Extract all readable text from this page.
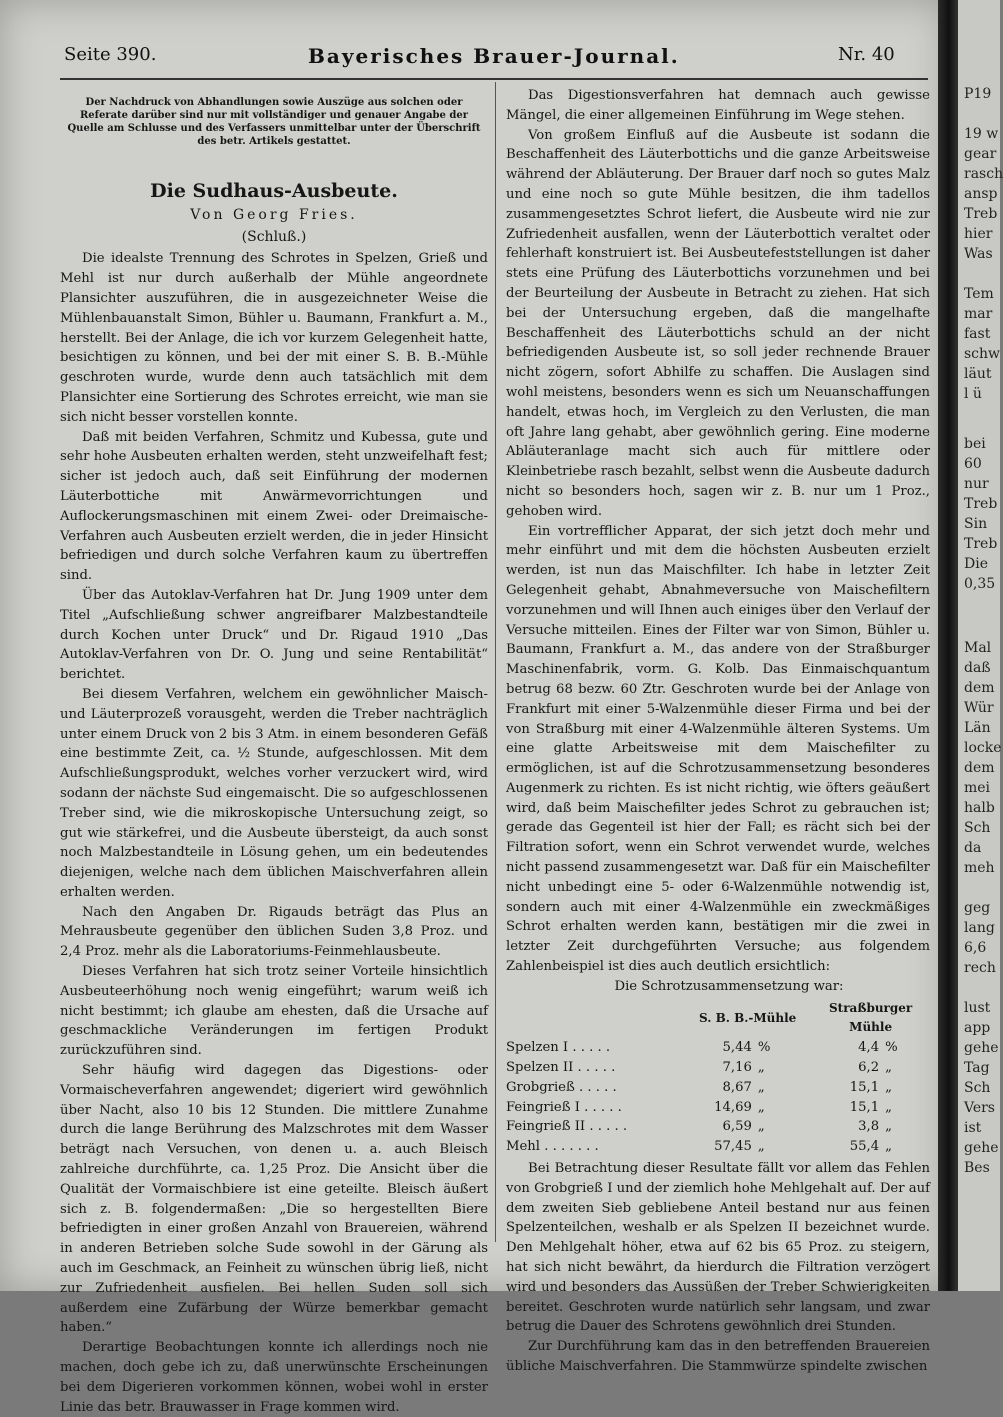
Seite 390.	Bayerisches Brauer-Journal.	Nr. 40
Der Nachdruck von Abhandlungen sowie Auszüge aus solchen oder Referate darüber sind nur mit vollständiger und genauer Angabe der Quelle am Schlusse und des Verfassers unmittelbar unter der Überschrift des betr. Artikels gestattet.
Die Sudhaus-Ausbeute.
Von Georg Fries.
(Schluß.)

Die idealste Trennung des Schrotes in Spelzen, Grieß und Mehl ist nur durch außerhalb der Mühle angeordnete Plansichter auszuführen, die in ausgezeichneter Weise die Mühlenbauanstalt Simon, Bühler u. Baumann, Frankfurt a. M., herstellt. Bei der Anlage, die ich vor kurzem Gelegenheit hatte, besichtigen zu können, und bei der mit einer S. B. B.-Mühle geschroten wurde, wurde denn auch tatsächlich mit dem Plansichter eine Sortierung des Schrotes erreicht, wie man sie sich nicht besser vorstellen konnte.

Daß mit beiden Verfahren, Schmitz und Kubessa, gute und sehr hohe Ausbeuten erhalten werden, steht unzweifelhaft fest; sicher ist jedoch auch, daß seit Einführung der modernen Läuterbottiche mit Anwärmevorrichtungen und Auflockerungsmaschinen mit einem Zwei- oder Dreimaische-Verfahren auch Ausbeuten erzielt werden, die in jeder Hinsicht befriedigen und durch solche Verfahren kaum zu übertreffen sind.

Über das Autoklav-Verfahren hat Dr. Jung 1909 unter dem Titel „Aufschließung schwer angreifbarer Malzbestandteile durch Kochen unter Druck“ und Dr. Rigaud 1910 „Das Autoklav-Verfahren von Dr. O. Jung und seine Rentabilität“ berichtet.

Bei diesem Verfahren, welchem ein gewöhnlicher Maisch- und Läuterprozeß vorausgeht, werden die Treber nachträglich unter einem Druck von 2 bis 3 Atm. in einem besonderen Gefäß eine bestimmte Zeit, ca. ½ Stunde, aufgeschlossen. Mit dem Aufschließungsprodukt, welches vorher verzuckert wird, wird sodann der nächste Sud eingemaischt. Die so aufgeschlossenen Treber sind, wie die mikroskopische Untersuchung zeigt, so gut wie stärkefrei, und die Ausbeute übersteigt, da auch sonst noch Malzbestandteile in Lösung gehen, um ein bedeutendes diejenigen, welche nach dem üblichen Maischverfahren allein erhalten werden.

Nach den Angaben Dr. Rigauds beträgt das Plus an Mehrausbeute gegenüber den üblichen Suden 3,8 Proz. und 2,4 Proz. mehr als die Laboratoriums-Feinmehlausbeute.

Dieses Verfahren hat sich trotz seiner Vorteile hinsichtlich Ausbeuteerhöhung noch wenig eingeführt; warum weiß ich nicht bestimmt; ich glaube am ehesten, daß die Ursache auf geschmackliche Veränderungen im fertigen Produkt zurückzuführen sind.

Sehr häufig wird dagegen das Digestions- oder Vormaischeverfahren angewendet; digeriert wird gewöhnlich über Nacht, also 10 bis 12 Stunden. Die mittlere Zunahme durch die lange Berührung des Malzschrotes mit dem Wasser beträgt nach Versuchen, von denen u. a. auch Bleisch zahlreiche durchführte, ca. 1,25 Proz. Die Ansicht über die Qualität der Vormaischbiere ist eine geteilte. Bleisch äußert sich z. B. folgendermaßen: „Die so hergestellten Biere befriedigten in einer großen Anzahl von Brauereien, während in anderen Betrieben solche Sude sowohl in der Gärung als auch im Geschmack, an Feinheit zu wünschen übrig ließ, nicht zur Zufriedenheit ausfielen. Bei hellen Suden soll sich außerdem eine Zufärbung der Würze bemerkbar gemacht haben.“

Derartige Beobachtungen konnte ich allerdings noch nie machen, doch gebe ich zu, daß unerwünschte Erscheinungen bei dem Digerieren vorkommen können, wobei wohl in erster Linie das betr. Brauwasser in Frage kommen wird.

Das Digestionsverfahren hat demnach auch gewisse Mängel, die einer allgemeinen Einführung im Wege stehen.

Von großem Einfluß auf die Ausbeute ist sodann die Beschaffenheit des Läuterbottichs und die ganze Arbeitsweise während der Abläuterung. Der Brauer darf noch so gutes Malz und eine noch so gute Mühle besitzen, die ihm tadellos zusammengesetztes Schrot liefert, die Ausbeute wird nie zur Zufriedenheit ausfallen, wenn der Läuterbottich veraltet oder fehlerhaft konstruiert ist. Bei Ausbeutefeststellungen ist daher stets eine Prüfung des Läuterbottichs vorzunehmen und bei der Beurteilung der Ausbeute in Betracht zu ziehen. Hat sich bei der Untersuchung ergeben, daß die mangelhafte Beschaffenheit des Läuterbottichs schuld an der nicht befriedigenden Ausbeute ist, so soll jeder rechnende Brauer nicht zögern, sofort Abhilfe zu schaffen. Die Auslagen sind wohl meistens, besonders wenn es sich um Neuanschaffungen handelt, etwas hoch, im Vergleich zu den Verlusten, die man oft Jahre lang gehabt, aber gewöhnlich gering. Eine moderne Abläuteranlage macht sich auch für mittlere oder Kleinbetriebe rasch bezahlt, selbst wenn die Ausbeute dadurch nicht so besonders hoch, sagen wir z. B. nur um 1 Proz., gehoben wird.

Ein vortrefflicher Apparat, der sich jetzt doch mehr und mehr einführt und mit dem die höchsten Ausbeuten erzielt werden, ist nun das Maischfilter. Ich habe in letzter Zeit Gelegenheit gehabt, Abnahmeversuche von Maischefiltern vorzunehmen und will Ihnen auch einiges über den Verlauf der Versuche mitteilen. Eines der Filter war von Simon, Bühler u. Baumann, Frankfurt a. M., das andere von der Straßburger Maschinenfabrik, vorm. G. Kolb. Das Einmaischquantum betrug 68 bezw. 60 Ztr. Geschroten wurde bei der Anlage von Frankfurt mit einer 5-Walzenmühle dieser Firma und bei der von Straßburg mit einer 4-Walzenmühle älteren Systems. Um eine glatte Arbeitsweise mit dem Maischefilter zu ermöglichen, ist auf die Schrotzusammensetzung besonderes Augenmerk zu richten. Es ist nicht richtig, wie öfters geäußert wird, daß beim Maischefilter jedes Schrot zu gebrauchen ist; gerade das Gegenteil ist hier der Fall; es rächt sich bei der Filtration sofort, wenn ein Schrot verwendet wurde, welches nicht passend zusammengesetzt war. Daß für ein Maischefilter nicht unbedingt eine 5- oder 6-Walzenmühle notwendig ist, sondern auch mit einer 4-Walzenmühle ein zweckmäßiges Schrot erhalten werden kann, bestätigen mir die zwei in letzter Zeit durchgeführten Versuche; aus folgendem Zahlenbeispiel ist dies auch deutlich ersichtlich:

Die Schrotzusammensetzung war:

	S. B. B.-Mühle		Straßburger Mühle	
Spelzen I . . . . .	5,44	%	4,4	%
Spelzen II . . . . .	7,16	„	6,2	„
Grobgrieß . . . . .	8,67	„	15,1	„
Feingrieß I . . . . .	14,69	„	15,1	„
Feingrieß II . . . . .	6,59	„	3,8	„
Mehl . . . . . . .	57,45	„	55,4	„

Bei Betrachtung dieser Resultate fällt vor allem das Fehlen von Grobgrieß I und der ziemlich hohe Mehlgehalt auf. Der auf dem zweiten Sieb gebliebene Anteil bestand nur aus feinen Spelzenteilchen, weshalb er als Spelzen II bezeichnet wurde. Den Mehlgehalt höher, etwa auf 62 bis 65 Proz. zu steigern, hat sich nicht bewährt, da hierdurch die Filtration verzögert wird und besonders das Aussüßen der Treber Schwierigkeiten bereitet. Geschroten wurde natürlich sehr langsam, und zwar betrug die Dauer des Schrotens gewöhnlich drei Stunden.

Zur Durchführung kam das in den betreffenden Brauereien übliche Maischverfahren. Die Stammwürze spindelte zwischen

P19
19 w
gear
rasch
ansp
Treb
hier
Was
Tem
mar
fast
schw
läut
l ü
bei
60
nur
Treb
Sin
Treb
Die
0,35
Mal
daß
dem
Wür
Län
locke
dem
mei
halb
Sch
da
meh
geg
lang
6,6
rech
lust
app
gehe
Tag
Sch
Vers
ist
gehe
Bes
